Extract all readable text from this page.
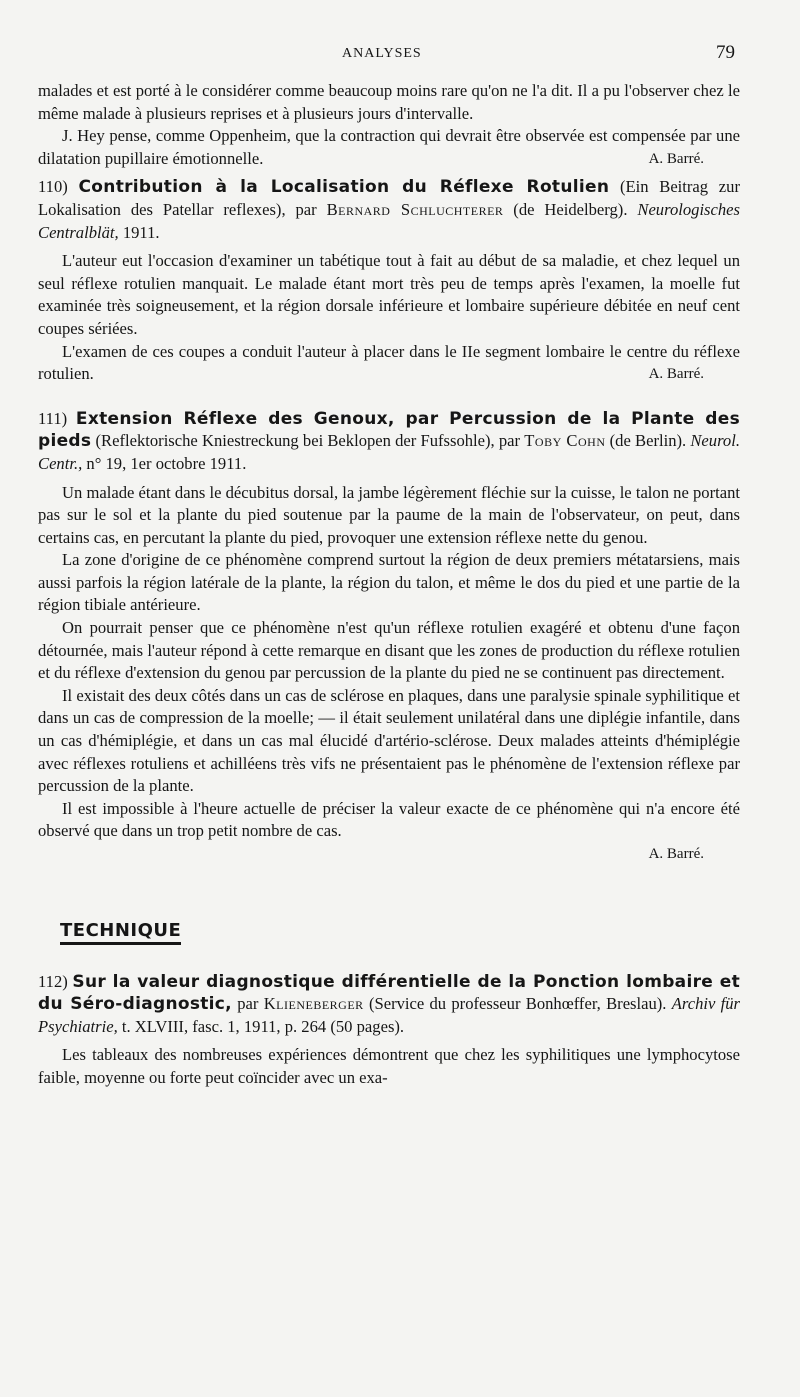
ANALYSES	79

malades et est porté à le considérer comme beaucoup moins rare qu'on ne l'a dit. Il a pu l'observer chez le même malade à plusieurs reprises et à plusieurs jours d'intervalle.

J. Hey pense, comme Oppenheim, que la contraction qui devrait être observée est compensée par une dilatation pupillaire émotionnelle.	A. Barré.

110) Contribution à la Localisation du Réflexe Rotulien (Ein Beitrag zur Lokalisation des Patellar reflexes), par Bernard Schluchterer (de Heidelberg). Neurologisches Centralblät, 1911.

L'auteur eut l'occasion d'examiner un tabétique tout à fait au début de sa maladie, et chez lequel un seul réflexe rotulien manquait. Le malade étant mort très peu de temps après l'examen, la moelle fut examinée très soigneusement, et la région dorsale inférieure et lombaire supérieure débitée en neuf cent coupes sériées.

L'examen de ces coupes a conduit l'auteur à placer dans le IIe segment lombaire le centre du réflexe rotulien.	A. Barré.

111) Extension Réflexe des Genoux, par Percussion de la Plante des pieds (Reflektorische Kniestreckung bei Beklopen der Fufssohle), par Toby Cohn (de Berlin). Neurol. Centr., n° 19, 1er octobre 1911.

Un malade étant dans le décubitus dorsal, la jambe légèrement fléchie sur la cuisse, le talon ne portant pas sur le sol et la plante du pied soutenue par la paume de la main de l'observateur, on peut, dans certains cas, en percutant la plante du pied, provoquer une extension réflexe nette du genou.

La zone d'origine de ce phénomène comprend surtout la région de deux premiers métatarsiens, mais aussi parfois la région latérale de la plante, la région du talon, et même le dos du pied et une partie de la région tibiale antérieure.

On pourrait penser que ce phénomène n'est qu'un réflexe rotulien exagéré et obtenu d'une façon détournée, mais l'auteur répond à cette remarque en disant que les zones de production du réflexe rotulien et du réflexe d'extension du genou par percussion de la plante du pied ne se continuent pas directement.

Il existait des deux côtés dans un cas de sclérose en plaques, dans une paralysie spinale syphilitique et dans un cas de compression de la moelle; — il était seulement unilatéral dans une diplégie infantile, dans un cas d'hémiplégie, et dans un cas mal élucidé d'artério-sclérose. Deux malades atteints d'hémiplégie avec réflexes rotuliens et achilléens très vifs ne présentaient pas le phénomène de l'extension réflexe par percussion de la plante.

Il est impossible à l'heure actuelle de préciser la valeur exacte de ce phénomène qui n'a encore été observé que dans un trop petit nombre de cas.

A. Barré.

TECHNIQUE

112) Sur la valeur diagnostique différentielle de la Ponction lombaire et du Séro-diagnostic, par Klieneberger (Service du professeur Bonhœffer, Breslau). Archiv für Psychiatrie, t. XLVIII, fasc. 1, 1911, p. 264 (50 pages).

Les tableaux des nombreuses expériences démontrent que chez les syphilitiques une lymphocytose faible, moyenne ou forte peut coïncider avec un exa-
